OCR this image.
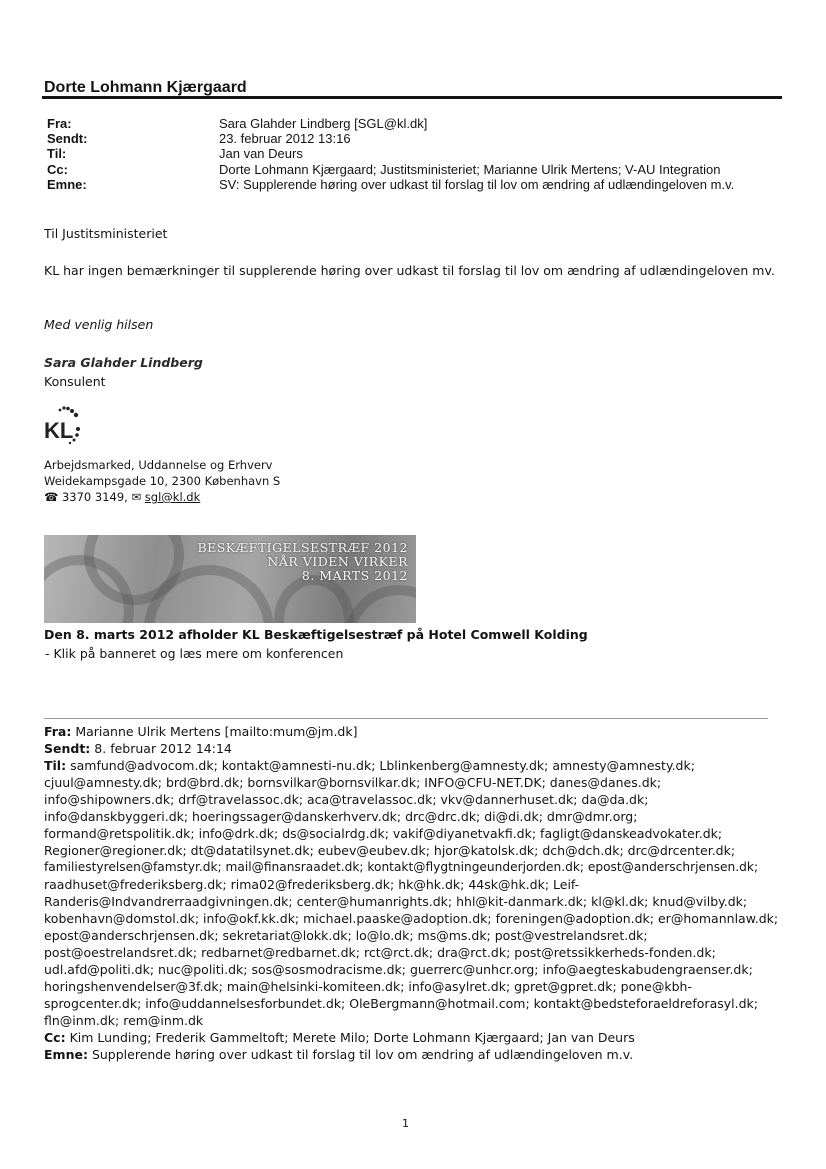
Dorte Lohmann Kjærgaard
Fra:	Sara Glahder Lindberg [SGL@kl.dk]
Sendt:	23. februar 2012 13:16
Til:	Jan van Deurs
Cc:	Dorte Lohmann Kjærgaard; Justitsministeriet; Marianne Ulrik Mertens; V-AU Integration
Emne:	SV: Supplerende høring over udkast til forslag til lov om ændring af udlændingeloven m.v.
Til Justitsministeriet
KL har ingen bemærkninger til supplerende høring over udkast til forslag til lov om ændring af udlændingeloven mv.
Med venlig hilsen
Sara Glahder Lindberg
Konsulent
KL
Arbejdsmarked, Uddannelse og Erhverv
Weidekampsgade 10, 2300 København S
☎ 3370 3149, ✉ sgl@kl.dk
BESKÆFTIGELSESTRÆF 2012
NÅR VIDEN VIRKER
8. MARTS 2012
Den 8. marts 2012 afholder KL Beskæftigelsestræf på Hotel Comwell Kolding
- Klik på banneret og læs mere om konferencen
Fra: Marianne Ulrik Mertens [mailto:mum@jm.dk]
Sendt: 8. februar 2012 14:14
Til: samfund@advocom.dk; kontakt@amnesti-nu.dk; Lblinkenberg@amnesty.dk; amnesty@amnesty.dk;
cjuul@amnesty.dk; brd@brd.dk; bornsvilkar@bornsvilkar.dk; INFO@CFU-NET.DK; danes@danes.dk;
info@shipowners.dk; drf@travelassoc.dk; aca@travelassoc.dk; vkv@dannerhuset.dk; da@da.dk;
info@danskbyggeri.dk; hoeringssager@danskerhverv.dk; drc@drc.dk; di@di.dk; dmr@dmr.org;
formand@retspolitik.dk; info@drk.dk; ds@socialrdg.dk; vakif@diyanetvakfi.dk; fagligt@danskeadvokater.dk;
Regioner@regioner.dk; dt@datatilsynet.dk; eubev@eubev.dk; hjor@katolsk.dk; dch@dch.dk; drc@drcenter.dk;
familiestyrelsen@famstyr.dk; mail@finansraadet.dk; kontakt@flygtningeunderjorden.dk; epost@anderschrjensen.dk;
raadhuset@frederiksberg.dk; rima02@frederiksberg.dk; hk@hk.dk; 44sk@hk.dk; Leif-
Randeris@Indvandrerraadgivningen.dk; center@humanrights.dk; hhl@kit-danmark.dk; kl@kl.dk; knud@vilby.dk;
kobenhavn@domstol.dk; info@okf.kk.dk; michael.paaske@adoption.dk; foreningen@adoption.dk; er@homannlaw.dk;
epost@anderschrjensen.dk; sekretariat@lokk.dk; lo@lo.dk; ms@ms.dk; post@vestrelandsret.dk;
post@oestrelandsret.dk; redbarnet@redbarnet.dk; rct@rct.dk; dra@rct.dk; post@retssikkerheds-fonden.dk;
udl.afd@politi.dk; nuc@politi.dk; sos@sosmodracisme.dk; guerrerc@unhcr.org; info@aegteskabudengraenser.dk;
horingshenvendelser@3f.dk; main@helsinki-komiteen.dk; info@asylret.dk; gpret@gpret.dk; pone@kbh-
sprogcenter.dk; info@uddannelsesforbundet.dk; OleBergmann@hotmail.com; kontakt@bedsteforaeldreforasyl.dk;
fln@inm.dk; rem@inm.dk
Cc: Kim Lunding; Frederik Gammeltoft; Merete Milo; Dorte Lohmann Kjærgaard; Jan van Deurs
Emne: Supplerende høring over udkast til forslag til lov om ændring af udlændingeloven m.v.
1
